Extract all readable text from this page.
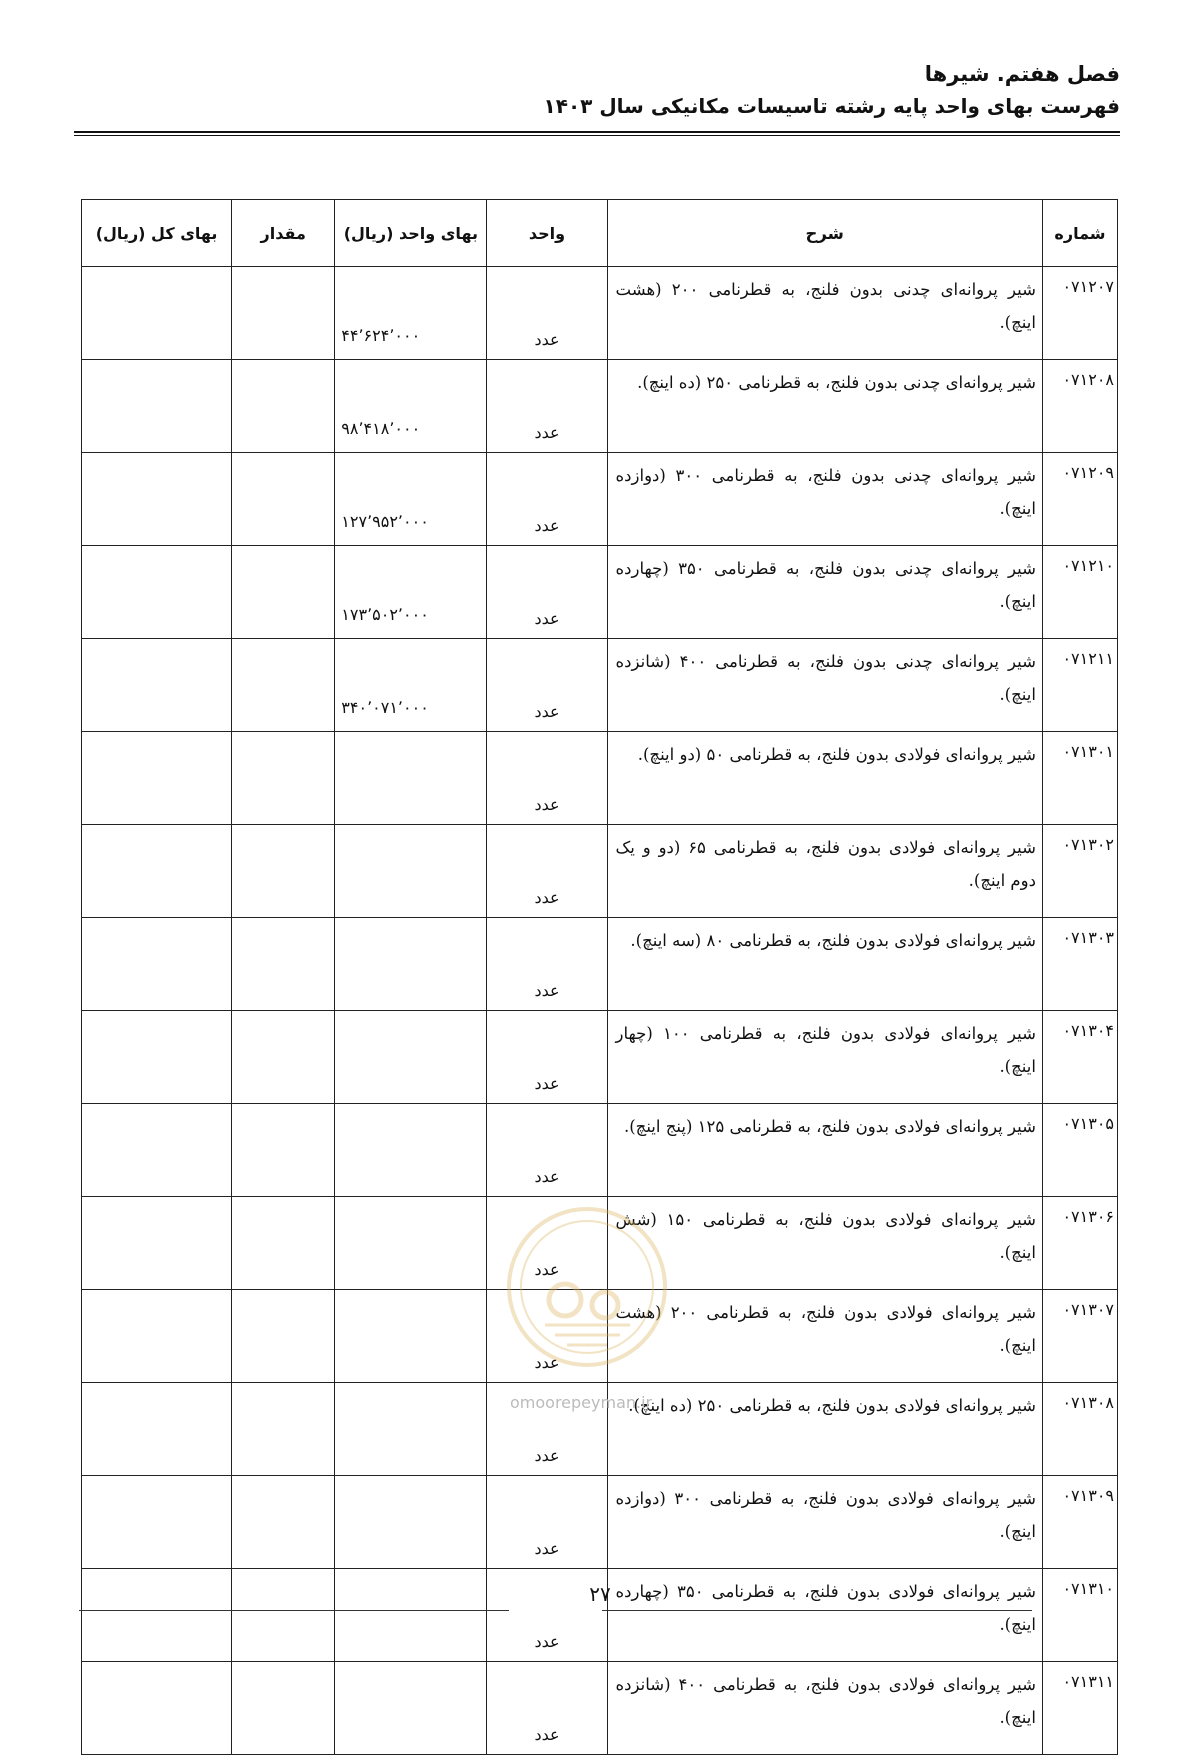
فصل هفتم. شیرها
فهرست بهای واحد پایه رشته تاسیسات مکانیکی سال ۱۴۰۳
شماره	شرح	واحد	بهای واحد (ریال)	مقدار	بهای کل (ریال)
۰۷۱۲۰۷	شیر پروانه‌ای چدنی بدون فلنج، به قطرنامی ۲۰۰ (هشت اینچ).	عدد	۴۴٬۶۲۴٬۰۰۰		
۰۷۱۲۰۸	شیر پروانه‌ای چدنی بدون فلنج، به قطرنامی ۲۵۰ (ده اینچ).	عدد	۹۸٬۴۱۸٬۰۰۰		
۰۷۱۲۰۹	شیر پروانه‌ای چدنی بدون فلنج، به قطرنامی ۳۰۰ (دوازده اینچ).	عدد	۱۲۷٬۹۵۲٬۰۰۰		
۰۷۱۲۱۰	شیر پروانه‌ای چدنی بدون فلنج، به قطرنامی ۳۵۰ (چهارده اینچ).	عدد	۱۷۳٬۵۰۲٬۰۰۰		
۰۷۱۲۱۱	شیر پروانه‌ای چدنی بدون فلنج، به قطرنامی ۴۰۰ (شانزده اینچ).	عدد	۳۴۰٬۰۷۱٬۰۰۰		
۰۷۱۳۰۱	شیر پروانه‌ای فولادی بدون فلنج، به قطرنامی ۵۰ (دو اینچ).	عدد			
۰۷۱۳۰۲	شیر پروانه‌ای فولادی بدون فلنج، به قطرنامی ۶۵ (دو و یک دوم اینچ).	عدد			
۰۷۱۳۰۳	شیر پروانه‌ای فولادی بدون فلنج، به قطرنامی ۸۰ (سه اینچ).	عدد			
۰۷۱۳۰۴	شیر پروانه‌ای فولادی بدون فلنج، به قطرنامی ۱۰۰ (چهار اینچ).	عدد			
۰۷۱۳۰۵	شیر پروانه‌ای فولادی بدون فلنج، به قطرنامی ۱۲۵ (پنج اینچ).	عدد			
۰۷۱۳۰۶	شیر پروانه‌ای فولادی بدون فلنج، به قطرنامی ۱۵۰ (شش اینچ).	عدد			
۰۷۱۳۰۷	شیر پروانه‌ای فولادی بدون فلنج، به قطرنامی ۲۰۰ (هشت اینچ).	عدد			
۰۷۱۳۰۸	شیر پروانه‌ای فولادی بدون فلنج، به قطرنامی ۲۵۰ (ده اینچ).	عدد			
۰۷۱۳۰۹	شیر پروانه‌ای فولادی بدون فلنج، به قطرنامی ۳۰۰ (دوازده اینچ).	عدد			
۰۷۱۳۱۰	شیر پروانه‌ای فولادی بدون فلنج، به قطرنامی ۳۵۰ (چهارده اینچ).	عدد			
۰۷۱۳۱۱	شیر پروانه‌ای فولادی بدون فلنج، به قطرنامی ۴۰۰ (شانزده اینچ).	عدد			
omoorepeyman.ir
۲۷
